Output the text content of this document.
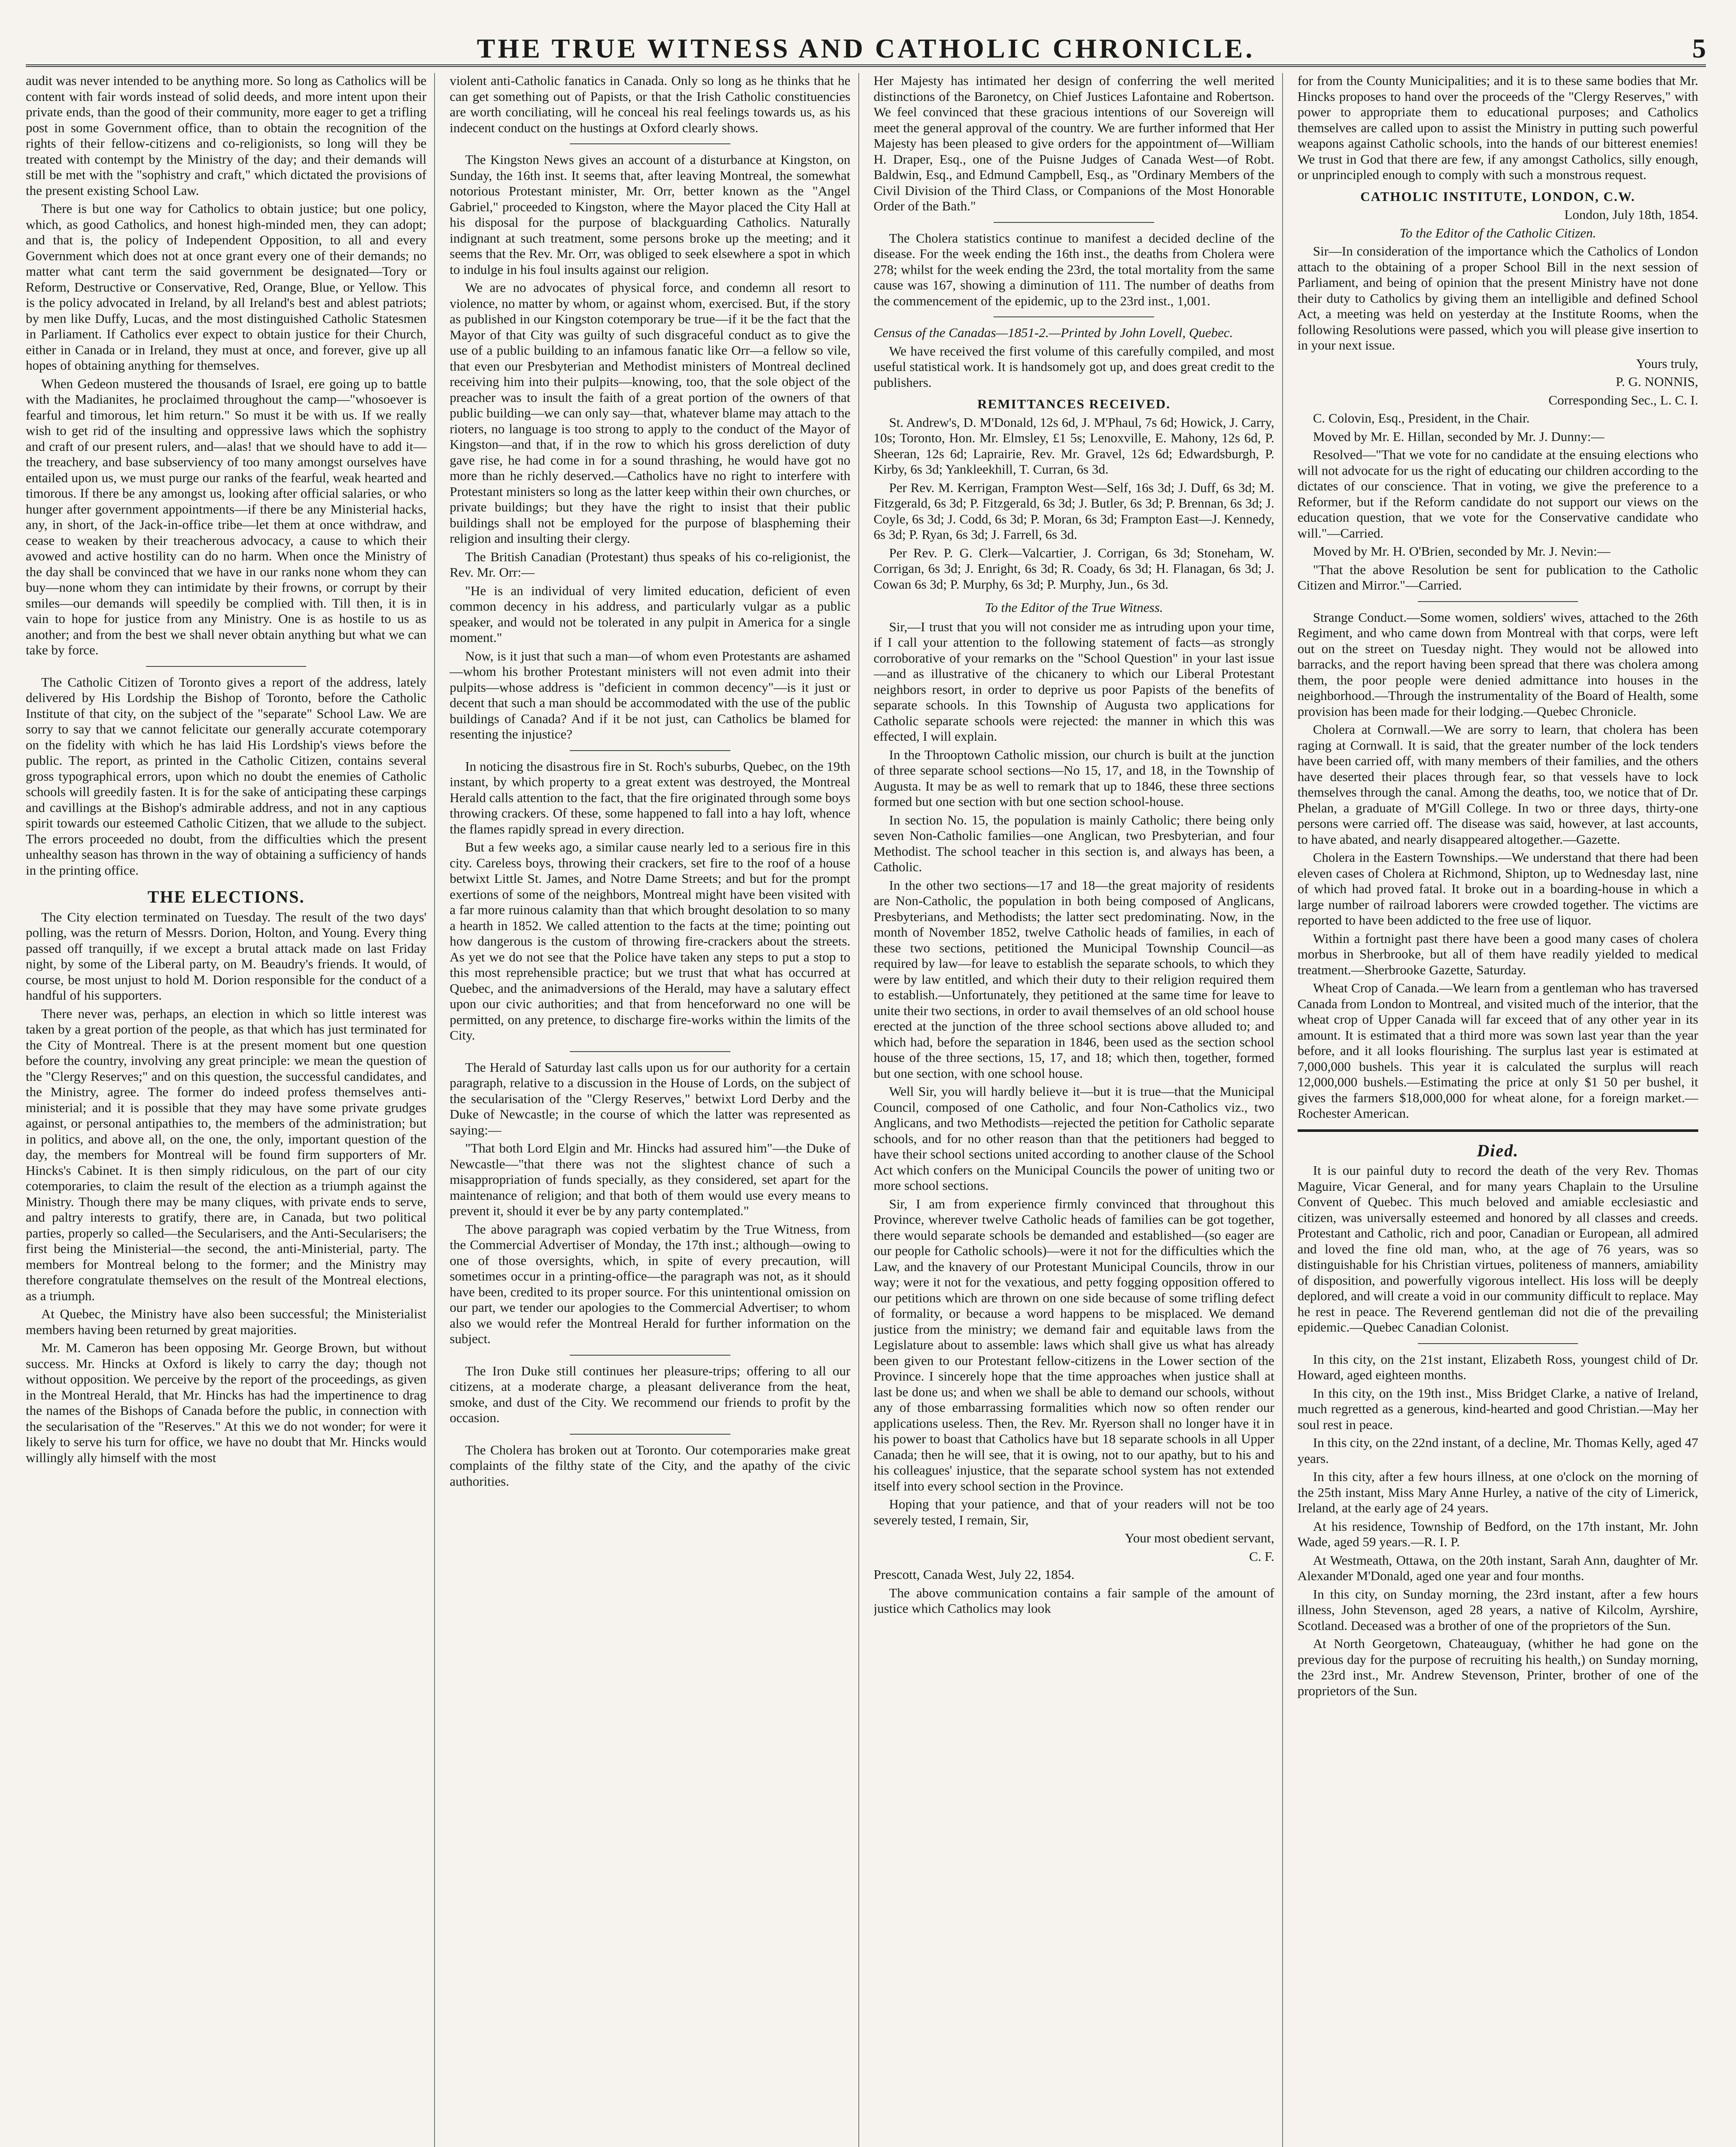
THE TRUE WITNESS AND CATHOLIC CHRONICLE.	5

audit was never intended to be anything more. So long as Catholics will be content with fair words instead of solid deeds, and more intent upon their private ends, than the good of their community, more eager to get a trifling post in some Government office, than to obtain the recognition of the rights of their fellow-citizens and co-religionists, so long will they be treated with contempt by the Ministry of the day; and their demands will still be met with the "sophistry and craft," which dictated the provisions of the present existing School Law.

There is but one way for Catholics to obtain justice; but one policy, which, as good Catholics, and honest high-minded men, they can adopt; and that is, the policy of Independent Opposition, to all and every Government which does not at once grant every one of their demands; no matter what cant term the said government be designated—Tory or Reform, Destructive or Conservative, Red, Orange, Blue, or Yellow. This is the policy advocated in Ireland, by all Ireland's best and ablest patriots; by men like Duffy, Lucas, and the most distinguished Catholic Statesmen in Parliament. If Catholics ever expect to obtain justice for their Church, either in Canada or in Ireland, they must at once, and forever, give up all hopes of obtaining anything for themselves.

When Gedeon mustered the thousands of Israel, ere going up to battle with the Madianites, he proclaimed throughout the camp—"whosoever is fearful and timorous, let him return." So must it be with us. If we really wish to get rid of the insulting and oppressive laws which the sophistry and craft of our present rulers, and—alas! that we should have to add it—the treachery, and base subserviency of too many amongst ourselves have entailed upon us, we must purge our ranks of the fearful, weak hearted and timorous. If there be any amongst us, looking after official salaries, or who hunger after government appointments—if there be any Ministerial hacks, any, in short, of the Jack-in-office tribe—let them at once withdraw, and cease to weaken by their treacherous advocacy, a cause to which their avowed and active hostility can do no harm. When once the Ministry of the day shall be convinced that we have in our ranks none whom they can buy—none whom they can intimidate by their frowns, or corrupt by their smiles—our demands will speedily be complied with. Till then, it is in vain to hope for justice from any Ministry. One is as hostile to us as another; and from the best we shall never obtain anything but what we can take by force.

The Catholic Citizen of Toronto gives a report of the address, lately delivered by His Lordship the Bishop of Toronto, before the Catholic Institute of that city, on the subject of the "separate" School Law. We are sorry to say that we cannot felicitate our generally accurate cotemporary on the fidelity with which he has laid His Lordship's views before the public. The report, as printed in the Catholic Citizen, contains several gross typographical errors, upon which no doubt the enemies of Catholic schools will greedily fasten. It is for the sake of anticipating these carpings and cavillings at the Bishop's admirable address, and not in any captious spirit towards our esteemed Catholic Citizen, that we allude to the subject. The errors proceeded no doubt, from the difficulties which the present unhealthy season has thrown in the way of obtaining a sufficiency of hands in the printing office.

THE ELECTIONS.

The City election terminated on Tuesday. The result of the two days' polling, was the return of Messrs. Dorion, Holton, and Young. Every thing passed off tranquilly, if we except a brutal attack made on last Friday night, by some of the Liberal party, on M. Beaudry's friends. It would, of course, be most unjust to hold M. Dorion responsible for the conduct of a handful of his supporters.

There never was, perhaps, an election in which so little interest was taken by a great portion of the people, as that which has just terminated for the City of Montreal. There is at the present moment but one question before the country, involving any great principle: we mean the question of the "Clergy Reserves;" and on this question, the successful candidates, and the Ministry, agree. The former do indeed profess themselves anti-ministerial; and it is possible that they may have some private grudges against, or personal antipathies to, the members of the administration; but in politics, and above all, on the one, the only, important question of the day, the members for Montreal will be found firm supporters of Mr. Hincks's Cabinet. It is then simply ridiculous, on the part of our city cotemporaries, to claim the result of the election as a triumph against the Ministry. Though there may be many cliques, with private ends to serve, and paltry interests to gratify, there are, in Canada, but two political parties, properly so called—the Secularisers, and the Anti-Secularisers; the first being the Ministerial—the second, the anti-Ministerial, party. The members for Montreal belong to the former; and the Ministry may therefore congratulate themselves on the result of the Montreal elections, as a triumph.

At Quebec, the Ministry have also been successful; the Ministerialist members having been returned by great majorities.

Mr. M. Cameron has been opposing Mr. George Brown, but without success. Mr. Hincks at Oxford is likely to carry the day; though not without opposition. We perceive by the report of the proceedings, as given in the Montreal Herald, that Mr. Hincks has had the impertinence to drag the names of the Bishops of Canada before the public, in connection with the secularisation of the "Reserves." At this we do not wonder; for were it likely to serve his turn for office, we have no doubt that Mr. Hincks would willingly ally himself with the most

violent anti-Catholic fanatics in Canada. Only so long as he thinks that he can get something out of Papists, or that the Irish Catholic constituencies are worth conciliating, will he conceal his real feelings towards us, as his indecent conduct on the hustings at Oxford clearly shows.

The Kingston News gives an account of a disturbance at Kingston, on Sunday, the 16th inst. It seems that, after leaving Montreal, the somewhat notorious Protestant minister, Mr. Orr, better known as the "Angel Gabriel," proceeded to Kingston, where the Mayor placed the City Hall at his disposal for the purpose of blackguarding Catholics. Naturally indignant at such treatment, some persons broke up the meeting; and it seems that the Rev. Mr. Orr, was obliged to seek elsewhere a spot in which to indulge in his foul insults against our religion.

We are no advocates of physical force, and condemn all resort to violence, no matter by whom, or against whom, exercised. But, if the story as published in our Kingston cotemporary be true—if it be the fact that the Mayor of that City was guilty of such disgraceful conduct as to give the use of a public building to an infamous fanatic like Orr—a fellow so vile, that even our Presbyterian and Methodist ministers of Montreal declined receiving him into their pulpits—knowing, too, that the sole object of the preacher was to insult the faith of a great portion of the owners of that public building—we can only say—that, whatever blame may attach to the rioters, no language is too strong to apply to the conduct of the Mayor of Kingston—and that, if in the row to which his gross dereliction of duty gave rise, he had come in for a sound thrashing, he would have got no more than he richly deserved.—Catholics have no right to interfere with Protestant ministers so long as the latter keep within their own churches, or private buildings; but they have the right to insist that their public buildings shall not be employed for the purpose of blaspheming their religion and insulting their clergy.

The British Canadian (Protestant) thus speaks of his co-religionist, the Rev. Mr. Orr:—

"He is an individual of very limited education, deficient of even common decency in his address, and particularly vulgar as a public speaker, and would not be tolerated in any pulpit in America for a single moment."

Now, is it just that such a man—of whom even Protestants are ashamed—whom his brother Protestant ministers will not even admit into their pulpits—whose address is "deficient in common decency"—is it just or decent that such a man should be accommodated with the use of the public buildings of Canada? And if it be not just, can Catholics be blamed for resenting the injustice?

In noticing the disastrous fire in St. Roch's suburbs, Quebec, on the 19th instant, by which property to a great extent was destroyed, the Montreal Herald calls attention to the fact, that the fire originated through some boys throwing crackers. Of these, some happened to fall into a hay loft, whence the flames rapidly spread in every direction.

But a few weeks ago, a similar cause nearly led to a serious fire in this city. Careless boys, throwing their crackers, set fire to the roof of a house betwixt Little St. James, and Notre Dame Streets; and but for the prompt exertions of some of the neighbors, Montreal might have been visited with a far more ruinous calamity than that which brought desolation to so many a hearth in 1852. We called attention to the facts at the time; pointing out how dangerous is the custom of throwing fire-crackers about the streets. As yet we do not see that the Police have taken any steps to put a stop to this most reprehensible practice; but we trust that what has occurred at Quebec, and the animadversions of the Herald, may have a salutary effect upon our civic authorities; and that from henceforward no one will be permitted, on any pretence, to discharge fire-works within the limits of the City.

The Herald of Saturday last calls upon us for our authority for a certain paragraph, relative to a discussion in the House of Lords, on the subject of the secularisation of the "Clergy Reserves," betwixt Lord Derby and the Duke of Newcastle; in the course of which the latter was represented as saying:—

"That both Lord Elgin and Mr. Hincks had assured him"—the Duke of Newcastle—"that there was not the slightest chance of such a misappropriation of funds specially, as they considered, set apart for the maintenance of religion; and that both of them would use every means to prevent it, should it ever be by any party contemplated."

The above paragraph was copied verbatim by the True Witness, from the Commercial Advertiser of Monday, the 17th inst.; although—owing to one of those oversights, which, in spite of every precaution, will sometimes occur in a printing-office—the paragraph was not, as it should have been, credited to its proper source. For this unintentional omission on our part, we tender our apologies to the Commercial Advertiser; to whom also we would refer the Montreal Herald for further information on the subject.

The Iron Duke still continues her pleasure-trips; offering to all our citizens, at a moderate charge, a pleasant deliverance from the heat, smoke, and dust of the City. We recommend our friends to profit by the occasion.

The Cholera has broken out at Toronto. Our cotemporaries make great complaints of the filthy state of the City, and the apathy of the civic authorities.

Her Majesty has intimated her design of conferring the well merited distinctions of the Baronetcy, on Chief Justices Lafontaine and Robertson. We feel convinced that these gracious intentions of our Sovereign will meet the general approval of the country. We are further informed that Her Majesty has been pleased to give orders for the appointment of—William H. Draper, Esq., one of the Puisne Judges of Canada West—of Robt. Baldwin, Esq., and Edmund Campbell, Esq., as "Ordinary Members of the Civil Division of the Third Class, or Companions of the Most Honorable Order of the Bath."

The Cholera statistics continue to manifest a decided decline of the disease. For the week ending the 16th inst., the deaths from Cholera were 278; whilst for the week ending the 23rd, the total mortality from the same cause was 167, showing a diminution of 111. The number of deaths from the commencement of the epidemic, up to the 23rd inst., 1,001.

Census of the Canadas—1851-2.—Printed by John Lovell, Quebec.

We have received the first volume of this carefully compiled, and most useful statistical work. It is handsomely got up, and does great credit to the publishers.

REMITTANCES RECEIVED.

St. Andrew's, D. M'Donald, 12s 6d, J. M'Phaul, 7s 6d; Howick, J. Carry, 10s; Toronto, Hon. Mr. Elmsley, £1 5s; Lenoxville, E. Mahony, 12s 6d, P. Sheeran, 12s 6d; Laprairie, Rev. Mr. Gravel, 12s 6d; Edwardsburgh, P. Kirby, 6s 3d; Yankleekhill, T. Curran, 6s 3d.

Per Rev. M. Kerrigan, Frampton West—Self, 16s 3d; J. Duff, 6s 3d; M. Fitzgerald, 6s 3d; P. Fitzgerald, 6s 3d; J. Butler, 6s 3d; P. Brennan, 6s 3d; J. Coyle, 6s 3d; J. Codd, 6s 3d; P. Moran, 6s 3d; Frampton East—J. Kennedy, 6s 3d; P. Ryan, 6s 3d; J. Farrell, 6s 3d.

Per Rev. P. G. Clerk—Valcartier, J. Corrigan, 6s 3d; Stoneham, W. Corrigan, 6s 3d; J. Enright, 6s 3d; R. Coady, 6s 3d; H. Flanagan, 6s 3d; J. Cowan 6s 3d; P. Murphy, 6s 3d; P. Murphy, Jun., 6s 3d.

To the Editor of the True Witness.

Sir,—I trust that you will not consider me as intruding upon your time, if I call your attention to the following statement of facts—as strongly corroborative of your remarks on the "School Question" in your last issue—and as illustrative of the chicanery to which our Liberal Protestant neighbors resort, in order to deprive us poor Papists of the benefits of separate schools. In this Township of Augusta two applications for Catholic separate schools were rejected: the manner in which this was effected, I will explain.

In the Throoptown Catholic mission, our church is built at the junction of three separate school sections—No 15, 17, and 18, in the Township of Augusta. It may be as well to remark that up to 1846, these three sections formed but one section with but one section school-house.

In section No. 15, the population is mainly Catholic; there being only seven Non-Catholic families—one Anglican, two Presbyterian, and four Methodist. The school teacher in this section is, and always has been, a Catholic.

In the other two sections—17 and 18—the great majority of residents are Non-Catholic, the population in both being composed of Anglicans, Presbyterians, and Methodists; the latter sect predominating. Now, in the month of November 1852, twelve Catholic heads of families, in each of these two sections, petitioned the Municipal Township Council—as required by law—for leave to establish the separate schools, to which they were by law entitled, and which their duty to their religion required them to establish.—Unfortunately, they petitioned at the same time for leave to unite their two sections, in order to avail themselves of an old school house erected at the junction of the three school sections above alluded to; and which had, before the separation in 1846, been used as the section school house of the three sections, 15, 17, and 18; which then, together, formed but one section, with one school house.

Well Sir, you will hardly believe it—but it is true—that the Municipal Council, composed of one Catholic, and four Non-Catholics viz., two Anglicans, and two Methodists—rejected the petition for Catholic separate schools, and for no other reason than that the petitioners had begged to have their school sections united according to another clause of the School Act which confers on the Municipal Councils the power of uniting two or more school sections.

Sir, I am from experience firmly convinced that throughout this Province, wherever twelve Catholic heads of families can be got together, there would separate schools be demanded and established—(so eager are our people for Catholic schools)—were it not for the difficulties which the Law, and the knavery of our Protestant Municipal Councils, throw in our way; were it not for the vexatious, and petty fogging opposition offered to our petitions which are thrown on one side because of some trifling defect of formality, or because a word happens to be misplaced. We demand justice from the ministry; we demand fair and equitable laws from the Legislature about to assemble: laws which shall give us what has already been given to our Protestant fellow-citizens in the Lower section of the Province. I sincerely hope that the time approaches when justice shall at last be done us; and when we shall be able to demand our schools, without any of those embarrassing formalities which now so often render our applications useless. Then, the Rev. Mr. Ryerson shall no longer have it in his power to boast that Catholics have but 18 separate schools in all Upper Canada; then he will see, that it is owing, not to our apathy, but to his and his colleagues' injustice, that the separate school system has not extended itself into every school section in the Province.

Hoping that your patience, and that of your readers will not be too severely tested, I remain, Sir,

Your most obedient servant,

C. F.

Prescott, Canada West, July 22, 1854.

The above communication contains a fair sample of the amount of justice which Catholics may look

for from the County Municipalities; and it is to these same bodies that Mr. Hincks proposes to hand over the proceeds of the "Clergy Reserves," with power to appropriate them to educational purposes; and Catholics themselves are called upon to assist the Ministry in putting such powerful weapons against Catholic schools, into the hands of our bitterest enemies! We trust in God that there are few, if any amongst Catholics, silly enough, or unprincipled enough to comply with such a monstrous request.

CATHOLIC INSTITUTE, LONDON, C.W.

London, July 18th, 1854.

To the Editor of the Catholic Citizen.

Sir—In consideration of the importance which the Catholics of London attach to the obtaining of a proper School Bill in the next session of Parliament, and being of opinion that the present Ministry have not done their duty to Catholics by giving them an intelligible and defined School Act, a meeting was held on yesterday at the Institute Rooms, when the following Resolutions were passed, which you will please give insertion to in your next issue.

Yours truly,

P. G. NONNIS,

Corresponding Sec., L. C. I.

C. Colovin, Esq., President, in the Chair.

Moved by Mr. E. Hillan, seconded by Mr. J. Dunny:—

Resolved—"That we vote for no candidate at the ensuing elections who will not advocate for us the right of educating our children according to the dictates of our conscience. That in voting, we give the preference to a Reformer, but if the Reform candidate do not support our views on the education question, that we vote for the Conservative candidate who will."—Carried.

Moved by Mr. H. O'Brien, seconded by Mr. J. Nevin:—

"That the above Resolution be sent for publication to the Catholic Citizen and Mirror."—Carried.

Strange Conduct.—Some women, soldiers' wives, attached to the 26th Regiment, and who came down from Montreal with that corps, were left out on the street on Tuesday night. They would not be allowed into barracks, and the report having been spread that there was cholera among them, the poor people were denied admittance into houses in the neighborhood.—Through the instrumentality of the Board of Health, some provision has been made for their lodging.—Quebec Chronicle.

Cholera at Cornwall.—We are sorry to learn, that cholera has been raging at Cornwall. It is said, that the greater number of the lock tenders have been carried off, with many members of their families, and the others have deserted their places through fear, so that vessels have to lock themselves through the canal. Among the deaths, too, we notice that of Dr. Phelan, a graduate of M'Gill College. In two or three days, thirty-one persons were carried off. The disease was said, however, at last accounts, to have abated, and nearly disappeared altogether.—Gazette.

Cholera in the Eastern Townships.—We understand that there had been eleven cases of Cholera at Richmond, Shipton, up to Wednesday last, nine of which had proved fatal. It broke out in a boarding-house in which a large number of railroad laborers were crowded together. The victims are reported to have been addicted to the free use of liquor.

Within a fortnight past there have been a good many cases of cholera morbus in Sherbrooke, but all of them have readily yielded to medical treatment.—Sherbrooke Gazette, Saturday.

Wheat Crop of Canada.—We learn from a gentleman who has traversed Canada from London to Montreal, and visited much of the interior, that the wheat crop of Upper Canada will far exceed that of any other year in its amount. It is estimated that a third more was sown last year than the year before, and it all looks flourishing. The surplus last year is estimated at 7,000,000 bushels. This year it is calculated the surplus will reach 12,000,000 bushels.—Estimating the price at only $1 50 per bushel, it gives the farmers $18,000,000 for wheat alone, for a foreign market.—Rochester American.

Died.

It is our painful duty to record the death of the very Rev. Thomas Maguire, Vicar General, and for many years Chaplain to the Ursuline Convent of Quebec. This much beloved and amiable ecclesiastic and citizen, was universally esteemed and honored by all classes and creeds. Protestant and Catholic, rich and poor, Canadian or European, all admired and loved the fine old man, who, at the age of 76 years, was so distinguishable for his Christian virtues, politeness of manners, amiability of disposition, and powerfully vigorous intellect. His loss will be deeply deplored, and will create a void in our community difficult to replace. May he rest in peace. The Reverend gentleman did not die of the prevailing epidemic.—Quebec Canadian Colonist.

In this city, on the 21st instant, Elizabeth Ross, youngest child of Dr. Howard, aged eighteen months.

In this city, on the 19th inst., Miss Bridget Clarke, a native of Ireland, much regretted as a generous, kind-hearted and good Christian.—May her soul rest in peace.

In this city, on the 22nd instant, of a decline, Mr. Thomas Kelly, aged 47 years.

In this city, after a few hours illness, at one o'clock on the morning of the 25th instant, Miss Mary Anne Hurley, a native of the city of Limerick, Ireland, at the early age of 24 years.

At his residence, Township of Bedford, on the 17th instant, Mr. John Wade, aged 59 years.—R. I. P.

At Westmeath, Ottawa, on the 20th instant, Sarah Ann, daughter of Mr. Alexander M'Donald, aged one year and four months.

In this city, on Sunday morning, the 23rd instant, after a few hours illness, John Stevenson, aged 28 years, a native of Kilcolm, Ayrshire, Scotland. Deceased was a brother of one of the proprietors of the Sun.

At North Georgetown, Chateauguay, (whither he had gone on the previous day for the purpose of recruiting his health,) on Sunday morning, the 23rd inst., Mr. Andrew Stevenson, Printer, brother of one of the proprietors of the Sun.
